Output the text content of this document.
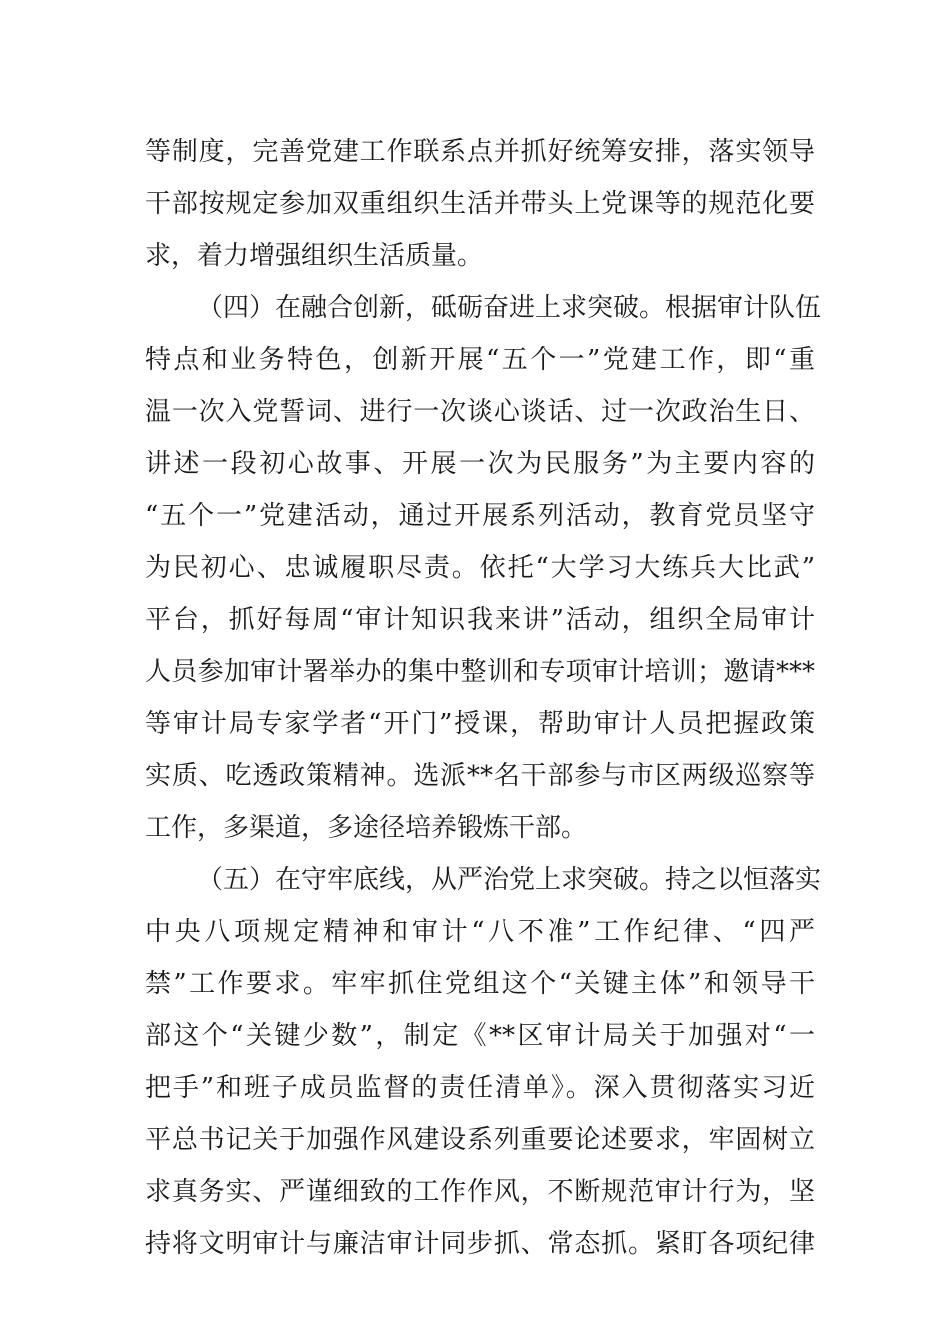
等制度，完善党建工作联系点并抓好统筹安排，落实领导
干部按规定参加双重组织生活并带头上党课等的规范化要
求，着力增强组织生活质量。
（四）在融合创新，砥砺奋进上求突破。根据审计队伍
特点和业务特色，创新开展“五个一”党建工作，即“重
温一次入党誓词、进行一次谈心谈话、过一次政治生日、
讲述一段初心故事、开展一次为民服务”为主要内容的
“五个一”党建活动，通过开展系列活动，教育党员坚守
为民初心、忠诚履职尽责。依托“大学习大练兵大比武”
平台，抓好每周“审计知识我来讲”活动，组织全局审计
人员参加审计署举办的集中整训和专项审计培训；邀请***
等审计局专家学者“开门”授课，帮助审计人员把握政策
实质、吃透政策精神。选派**名干部参与市区两级巡察等
工作，多渠道，多途径培养锻炼干部。
（五）在守牢底线，从严治党上求突破。持之以恒落实
中央八项规定精神和审计“八不准”工作纪律、“四严
禁”工作要求。牢牢抓住党组这个“关键主体”和领导干
部这个“关键少数”，制定《**区审计局关于加强对“一
把手”和班子成员监督的责任清单》。深入贯彻落实习近
平总书记关于加强作风建设系列重要论述要求，牢固树立
求真务实、严谨细致的工作作风，不断规范审计行为，坚
持将文明审计与廉洁审计同步抓、常态抓。紧盯各项纪律
